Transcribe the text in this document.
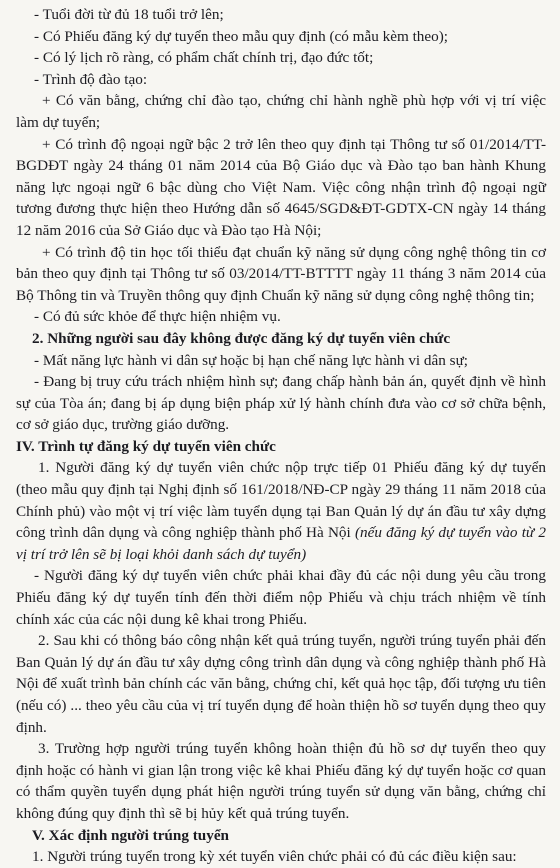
- Tuổi đời từ đủ 18 tuổi trở lên;

- Có Phiếu đăng ký dự tuyển theo mẫu quy định (có mẫu kèm theo);

- Có lý lịch rõ ràng, có phẩm chất chính trị, đạo đức tốt;

- Trình độ đào tạo:

+ Có văn bằng, chứng chỉ đào tạo, chứng chỉ hành nghề phù hợp với vị trí việc làm dự tuyển;

+ Có trình độ ngoại ngữ bậc 2 trở lên theo quy định tại Thông tư số 01/2014/TT-BGDĐT ngày 24 tháng 01 năm 2014 của Bộ Giáo dục và Đào tạo ban hành Khung năng lực ngoại ngữ 6 bậc dùng cho Việt Nam. Việc công nhận trình độ ngoại ngữ tương đương thực hiện theo Hướng dẫn số 4645/SGD&ĐT-GDTX-CN ngày 14 tháng 12 năm 2016 của Sở Giáo dục và Đào tạo Hà Nội;

+ Có trình độ tin học tối thiểu đạt chuẩn kỹ năng sử dụng công nghệ thông tin cơ bản theo quy định tại Thông tư số 03/2014/TT-BTTTT ngày 11 tháng 3 năm 2014 của Bộ Thông tin và Truyền thông quy định Chuẩn kỹ năng sử dụng công nghệ thông tin;

- Có đủ sức khỏe để thực hiện nhiệm vụ.

2. Những người sau đây không được đăng ký dự tuyển viên chức

- Mất năng lực hành vi dân sự hoặc bị hạn chế năng lực hành vi dân sự;

- Đang bị truy cứu trách nhiệm hình sự; đang chấp hành bản án, quyết định về hình sự của Tòa án; đang bị áp dụng biện pháp xử lý hành chính đưa vào cơ sở chữa bệnh, cơ sở giáo dục, trường giáo dưỡng.

IV. Trình tự đăng ký dự tuyển viên chức

1. Người đăng ký dự tuyển viên chức nộp trực tiếp 01 Phiếu đăng ký dự tuyển (theo mẫu quy định tại Nghị định số 161/2018/NĐ-CP ngày 29 tháng 11 năm 2018 của Chính phủ) vào một vị trí việc làm tuyển dụng tại Ban Quản lý dự án đầu tư xây dựng công trình dân dụng và công nghiệp thành phố Hà Nội (nếu đăng ký dự tuyển vào từ 2 vị trí trở lên sẽ bị loại khỏi danh sách dự tuyển)

- Người đăng ký dự tuyển viên chức phải khai đầy đủ các nội dung yêu cầu trong Phiếu đăng ký dự tuyển tính đến thời điểm nộp Phiếu và chịu trách nhiệm về tính chính xác của các nội dung kê khai trong Phiếu.

2. Sau khi có thông báo công nhận kết quả trúng tuyển, người trúng tuyển phải đến Ban Quản lý dự án đầu tư xây dựng công trình dân dụng và công nghiệp thành phố Hà Nội để xuất trình bản chính các văn bằng, chứng chỉ, kết quả học tập, đối tượng ưu tiên (nếu có) ... theo yêu cầu của vị trí tuyển dụng để hoàn thiện hồ sơ tuyển dụng theo quy định.

3. Trường hợp người trúng tuyển không hoàn thiện đủ hồ sơ dự tuyển theo quy định hoặc có hành vi gian lận trong việc kê khai Phiếu đăng ký dự tuyển hoặc cơ quan có thẩm quyền tuyển dụng phát hiện người trúng tuyển sử dụng văn bằng, chứng chỉ không đúng quy định thì sẽ bị hủy kết quả trúng tuyển.

V. Xác định người trúng tuyển

1. Người trúng tuyển trong kỳ xét tuyển viên chức phải có đủ các điều kiện sau:
